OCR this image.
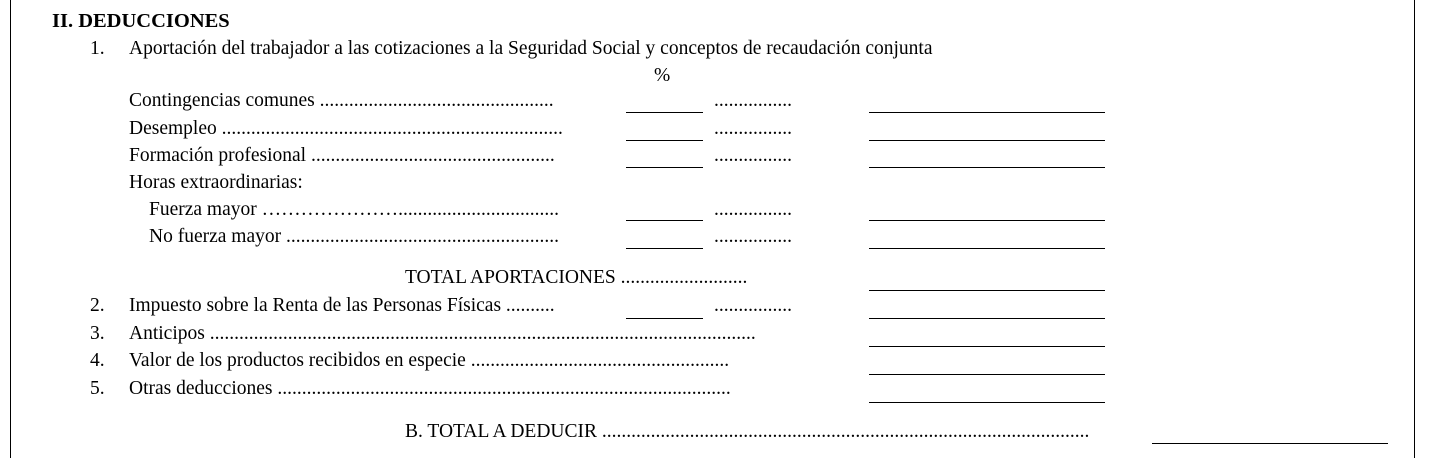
II. DEDUCCIONES
1. Aportación del trabajador a las cotizaciones a la Seguridad Social y conceptos de recaudación conjunta
%
Contingencias comunes ................................................	................
Desempleo ......................................................................	................
Formación profesional ..................................................	................
Horas extraordinarias:
Fuerza mayor ………………….................................	................
No fuerza mayor ........................................................	................
TOTAL APORTACIONES ..........................
2. Impuesto sobre la Renta de las Personas Físicas ..........	................
3. Anticipos ................................................................................................................
4. Valor de los productos recibidos en especie .....................................................
5. Otras deducciones .............................................................................................
B. TOTAL A DEDUCIR ....................................................................................................
